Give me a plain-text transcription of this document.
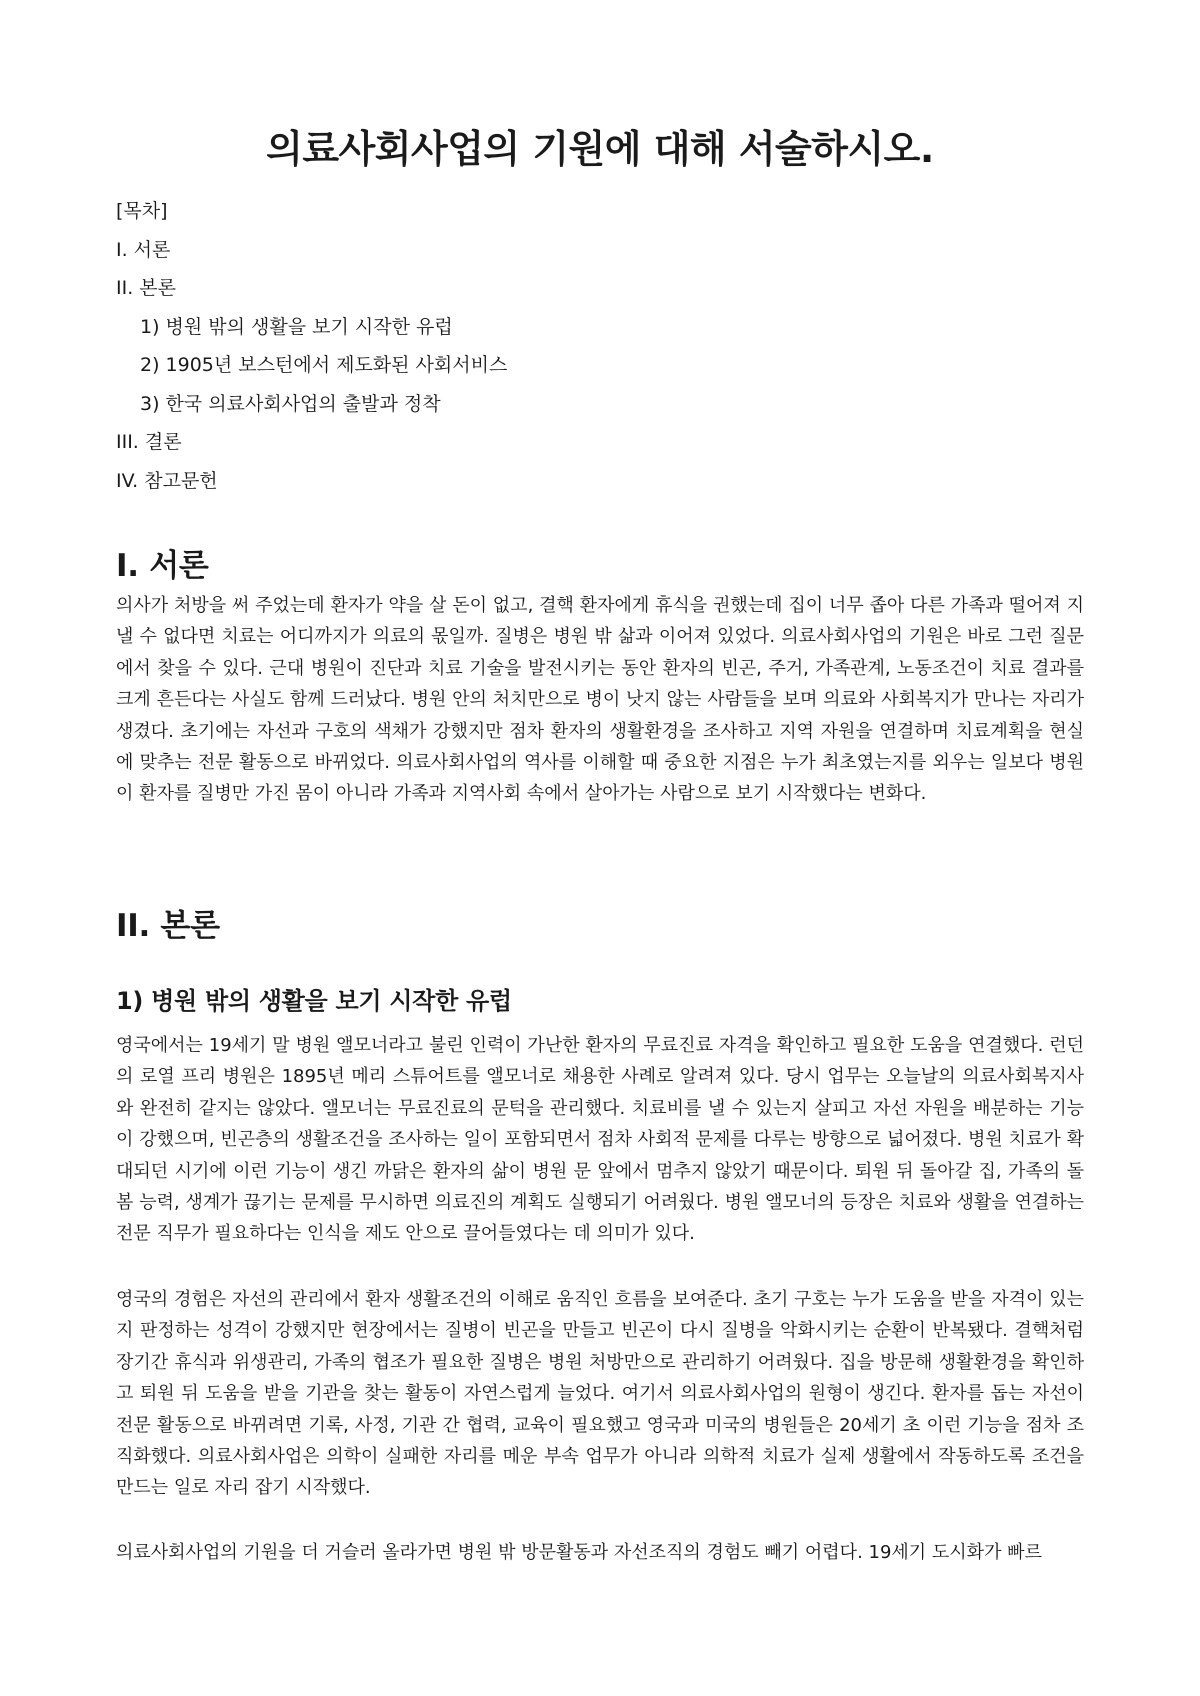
의료사회사업의 기원에 대해 서술하시오.
[목차]
I. 서론
II. 본론
1) 병원 밖의 생활을 보기 시작한 유럽
2) 1905년 보스턴에서 제도화된 사회서비스
3) 한국 의료사회사업의 출발과 정착
III. 결론
IV. 참고문헌
I. 서론

의사가 처방을 써 주었는데 환자가 약을 살 돈이 없고, 결핵 환자에게 휴식을 권했는데 집이 너무 좁아 다른 가족과 떨어져 지낼 수 없다면 치료는 어디까지가 의료의 몫일까. 질병은 병원 밖 삶과 이어져 있었다. 의료사회사업의 기원은 바로 그런 질문에서 찾을 수 있다. 근대 병원이 진단과 치료 기술을 발전시키는 동안 환자의 빈곤, 주거, 가족관계, 노동조건이 치료 결과를 크게 흔든다는 사실도 함께 드러났다. 병원 안의 처치만으로 병이 낫지 않는 사람들을 보며 의료와 사회복지가 만나는 자리가 생겼다. 초기에는 자선과 구호의 색채가 강했지만 점차 환자의 생활환경을 조사하고 지역 자원을 연결하며 치료계획을 현실에 맞추는 전문 활동으로 바뀌었다. 의료사회사업의 역사를 이해할 때 중요한 지점은 누가 최초였는지를 외우는 일보다 병원이 환자를 질병만 가진 몸이 아니라 가족과 지역사회 속에서 살아가는 사람으로 보기 시작했다는 변화다.

II. 본론
1) 병원 밖의 생활을 보기 시작한 유럽

영국에서는 19세기 말 병원 앨모너라고 불린 인력이 가난한 환자의 무료진료 자격을 확인하고 필요한 도움을 연결했다. 런던의 로열 프리 병원은 1895년 메리 스튜어트를 앨모너로 채용한 사례로 알려져 있다. 당시 업무는 오늘날의 의료사회복지사와 완전히 같지는 않았다. 앨모너는 무료진료의 문턱을 관리했다. 치료비를 낼 수 있는지 살피고 자선 자원을 배분하는 기능이 강했으며, 빈곤층의 생활조건을 조사하는 일이 포함되면서 점차 사회적 문제를 다루는 방향으로 넓어졌다. 병원 치료가 확대되던 시기에 이런 기능이 생긴 까닭은 환자의 삶이 병원 문 앞에서 멈추지 않았기 때문이다. 퇴원 뒤 돌아갈 집, 가족의 돌봄 능력, 생계가 끊기는 문제를 무시하면 의료진의 계획도 실행되기 어려웠다. 병원 앨모너의 등장은 치료와 생활을 연결하는 전문 직무가 필요하다는 인식을 제도 안으로 끌어들였다는 데 의미가 있다.

영국의 경험은 자선의 관리에서 환자 생활조건의 이해로 움직인 흐름을 보여준다. 초기 구호는 누가 도움을 받을 자격이 있는지 판정하는 성격이 강했지만 현장에서는 질병이 빈곤을 만들고 빈곤이 다시 질병을 악화시키는 순환이 반복됐다. 결핵처럼 장기간 휴식과 위생관리, 가족의 협조가 필요한 질병은 병원 처방만으로 관리하기 어려웠다. 집을 방문해 생활환경을 확인하고 퇴원 뒤 도움을 받을 기관을 찾는 활동이 자연스럽게 늘었다. 여기서 의료사회사업의 원형이 생긴다. 환자를 돕는 자선이 전문 활동으로 바뀌려면 기록, 사정, 기관 간 협력, 교육이 필요했고 영국과 미국의 병원들은 20세기 초 이런 기능을 점차 조직화했다. 의료사회사업은 의학이 실패한 자리를 메운 부속 업무가 아니라 의학적 치료가 실제 생활에서 작동하도록 조건을 만드는 일로 자리 잡기 시작했다.

의료사회사업의 기원을 더 거슬러 올라가면 병원 밖 방문활동과 자선조직의 경험도 빼기 어렵다. 19세기 도시화가 빠르
